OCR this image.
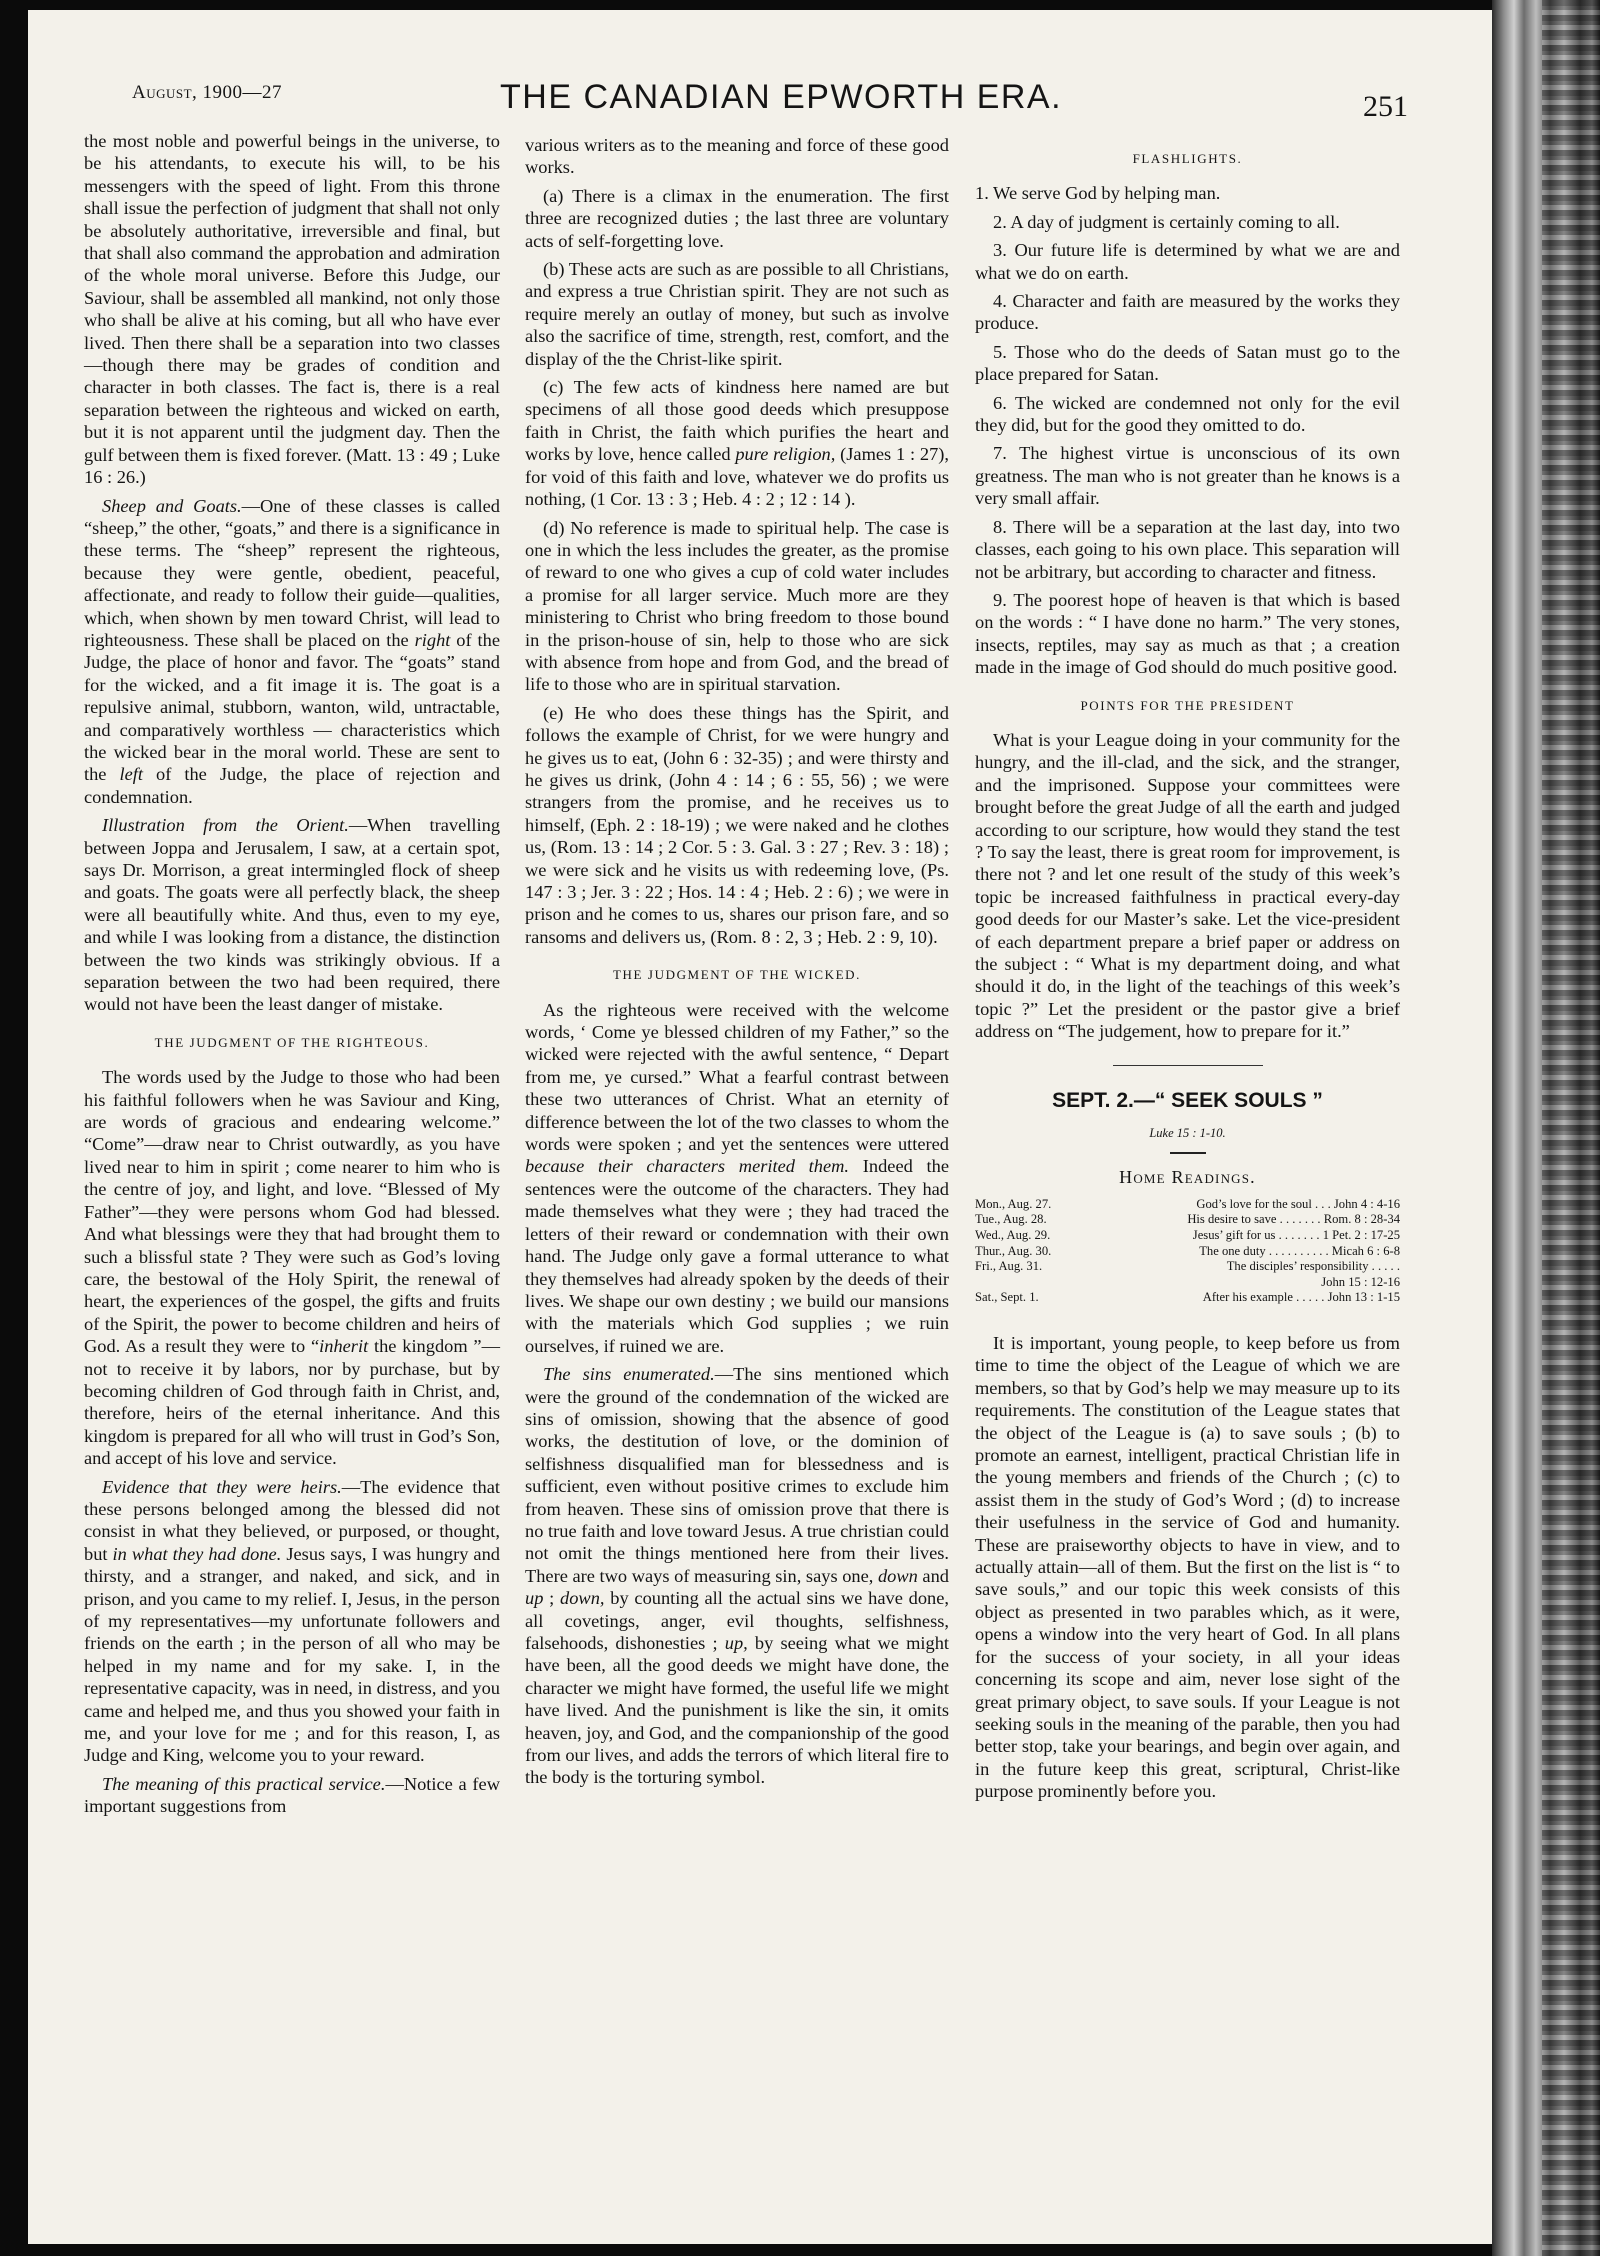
August, 1900—27	THE CANADIAN EPWORTH ERA.	251

the most noble and powerful beings in the universe, to be his attendants, to execute his will, to be his messengers with the speed of light. From this throne shall issue the perfection of judgment that shall not only be absolutely authoritative, irreversible and final, but that shall also command the approbation and admiration of the whole moral universe. Before this Judge, our Saviour, shall be assembled all mankind, not only those who shall be alive at his coming, but all who have ever lived. Then there shall be a separation into two classes—though there may be grades of condition and character in both classes. The fact is, there is a real separation between the righteous and wicked on earth, but it is not apparent until the judgment day. Then the gulf between them is fixed forever. (Matt. 13 : 49 ; Luke 16 : 26.)

Sheep and Goats.—One of these classes is called “sheep,” the other, “goats,” and there is a significance in these terms. The “sheep” represent the righteous, because they were gentle, obedient, peaceful, affectionate, and ready to follow their guide—qualities, which, when shown by men toward Christ, will lead to righteousness. These shall be placed on the right of the Judge, the place of honor and favor. The “goats” stand for the wicked, and a fit image it is. The goat is a repulsive animal, stubborn, wanton, wild, untractable, and comparatively worthless — characteristics which the wicked bear in the moral world. These are sent to the left of the Judge, the place of rejection and condemnation.

Illustration from the Orient.—When travelling between Joppa and Jerusalem, I saw, at a certain spot, says Dr. Morrison, a great intermingled flock of sheep and goats. The goats were all perfectly black, the sheep were all beautifully white. And thus, even to my eye, and while I was looking from a distance, the distinction between the two kinds was strikingly obvious. If a separation between the two had been required, there would not have been the least danger of mistake.

THE JUDGMENT OF THE RIGHTEOUS.

The words used by the Judge to those who had been his faithful followers when he was Saviour and King, are words of gracious and endearing welcome.” “Come”—draw near to Christ outwardly, as you have lived near to him in spirit ; come nearer to him who is the centre of joy, and light, and love. “Blessed of My Father”—they were persons whom God had blessed. And what blessings were they that had brought them to such a blissful state ? They were such as God’s loving care, the bestowal of the Holy Spirit, the renewal of heart, the experiences of the gospel, the gifts and fruits of the Spirit, the power to become children and heirs of God. As a result they were to “inherit the kingdom ”—not to receive it by labors, nor by purchase, but by becoming children of God through faith in Christ, and, therefore, heirs of the eternal inheritance. And this kingdom is prepared for all who will trust in God’s Son, and accept of his love and service.

Evidence that they were heirs.—The evidence that these persons belonged among the blessed did not consist in what they believed, or purposed, or thought, but in what they had done. Jesus says, I was hungry and thirsty, and a stranger, and naked, and sick, and in prison, and you came to my relief. I, Jesus, in the person of my representatives—my unfortunate followers and friends on the earth ; in the person of all who may be helped in my name and for my sake. I, in the representative capacity, was in need, in distress, and you came and helped me, and thus you showed your faith in me, and your love for me ; and for this reason, I, as Judge and King, welcome you to your reward.

The meaning of this practical service.—Notice a few important suggestions from

various writers as to the meaning and force of these good works.

(a) There is a climax in the enumeration. The first three are recognized duties ; the last three are voluntary acts of self-forgetting love.

(b) These acts are such as are possible to all Christians, and express a true Christian spirit. They are not such as require merely an outlay of money, but such as involve also the sacrifice of time, strength, rest, comfort, and the display of the the Christ-like spirit.

(c) The few acts of kindness here named are but specimens of all those good deeds which presuppose faith in Christ, the faith which purifies the heart and works by love, hence called pure religion, (James 1 : 27), for void of this faith and love, whatever we do profits us nothing, (1 Cor. 13 : 3 ; Heb. 4 : 2 ; 12 : 14 ).

(d) No reference is made to spiritual help. The case is one in which the less includes the greater, as the promise of reward to one who gives a cup of cold water includes a promise for all larger service. Much more are they ministering to Christ who bring freedom to those bound in the prison-house of sin, help to those who are sick with absence from hope and from God, and the bread of life to those who are in spiritual starvation.

(e) He who does these things has the Spirit, and follows the example of Christ, for we were hungry and he gives us to eat, (John 6 : 32-35) ; and were thirsty and he gives us drink, (John 4 : 14 ; 6 : 55, 56) ; we were strangers from the promise, and he receives us to himself, (Eph. 2 : 18-19) ; we were naked and he clothes us, (Rom. 13 : 14 ; 2 Cor. 5 : 3. Gal. 3 : 27 ; Rev. 3 : 18) ; we were sick and he visits us with redeeming love, (Ps. 147 : 3 ; Jer. 3 : 22 ; Hos. 14 : 4 ; Heb. 2 : 6) ; we were in prison and he comes to us, shares our prison fare, and so ransoms and delivers us, (Rom. 8 : 2, 3 ; Heb. 2 : 9, 10).

THE JUDGMENT OF THE WICKED.

As the righteous were received with the welcome words, ‘ Come ye blessed children of my Father,” so the wicked were rejected with the awful sentence, “ Depart from me, ye cursed.” What a fearful contrast between these two utterances of Christ. What an eternity of difference between the lot of the two classes to whom the words were spoken ; and yet the sentences were uttered because their characters merited them. Indeed the sentences were the outcome of the characters. They had made themselves what they were ; they had traced the letters of their reward or condemnation with their own hand. The Judge only gave a formal utterance to what they themselves had already spoken by the deeds of their lives. We shape our own destiny ; we build our mansions with the materials which God supplies ; we ruin ourselves, if ruined we are.

The sins enumerated.—The sins mentioned which were the ground of the condemnation of the wicked are sins of omission, showing that the absence of good works, the destitution of love, or the dominion of selfishness disqualified man for blessedness and is sufficient, even without positive crimes to exclude him from heaven. These sins of omission prove that there is no true faith and love toward Jesus. A true christian could not omit the things mentioned here from their lives. There are two ways of measuring sin, says one, down and up ; down, by counting all the actual sins we have done, all covetings, anger, evil thoughts, selfishness, falsehoods, dishonesties ; up, by seeing what we might have been, all the good deeds we might have done, the character we might have formed, the useful life we might have lived. And the punishment is like the sin, it omits heaven, joy, and God, and the companionship of the good from our lives, and adds the terrors of which literal fire to the body is the torturing symbol.

FLASHLIGHTS.

1. We serve God by helping man.

2. A day of judgment is certainly coming to all.

3. Our future life is determined by what we are and what we do on earth.

4. Character and faith are measured by the works they produce.

5. Those who do the deeds of Satan must go to the place prepared for Satan.

6. The wicked are condemned not only for the evil they did, but for the good they omitted to do.

7. The highest virtue is unconscious of its own greatness. The man who is not greater than he knows is a very small affair.

8. There will be a separation at the last day, into two classes, each going to his own place. This separation will not be arbitrary, but according to character and fitness.

9. The poorest hope of heaven is that which is based on the words : “ I have done no harm.” The very stones, insects, reptiles, may say as much as that ; a creation made in the image of God should do much positive good.

POINTS FOR THE PRESIDENT

What is your League doing in your community for the hungry, and the ill-clad, and the sick, and the stranger, and the imprisoned. Suppose your committees were brought before the great Judge of all the earth and judged according to our scripture, how would they stand the test ? To say the least, there is great room for improvement, is there not ? and let one result of the study of this week’s topic be increased faithfulness in practical every-day good deeds for our Master’s sake. Let the vice-president of each department prepare a brief paper or address on the subject : “ What is my department doing, and what should it do, in the light of the teachings of this week’s topic ?” Let the president or the pastor give a brief address on “The judgement, how to prepare for it.”

SEPT. 2.—“ SEEK SOULS ”
Luke 15 : 1-10.
Home Readings.
Mon., Aug. 27.	God’s love for the soul . . . John 4 : 4-16
Tue., Aug. 28.	His desire to save . . . . . . . Rom. 8 : 28-34
Wed., Aug. 29.	Jesus’ gift for us . . . . . . . 1 Pet. 2 : 17-25
Thur., Aug. 30.	The one duty . . . . . . . . . . Micah 6 : 6-8
Fri., Aug. 31.	The disciples’ responsibility . . . . .
	John 15 : 12-16
Sat., Sept. 1.	After his example . . . . . John 13 : 1-15

It is important, young people, to keep before us from time to time the object of the League of which we are members, so that by God’s help we may measure up to its requirements. The constitution of the League states that the object of the League is (a) to save souls ; (b) to promote an earnest, intelligent, practical Christian life in the young members and friends of the Church ; (c) to assist them in the study of God’s Word ; (d) to increase their usefulness in the service of God and humanity. These are praiseworthy objects to have in view, and to actually attain—all of them. But the first on the list is “ to save souls,” and our topic this week consists of this object as presented in two parables which, as it were, opens a window into the very heart of God. In all plans for the success of your society, in all your ideas concerning its scope and aim, never lose sight of the great primary object, to save souls. If your League is not seeking souls in the meaning of the parable, then you had better stop, take your bearings, and begin over again, and in the future keep this great, scriptural, Christ-like purpose prominently before you.
